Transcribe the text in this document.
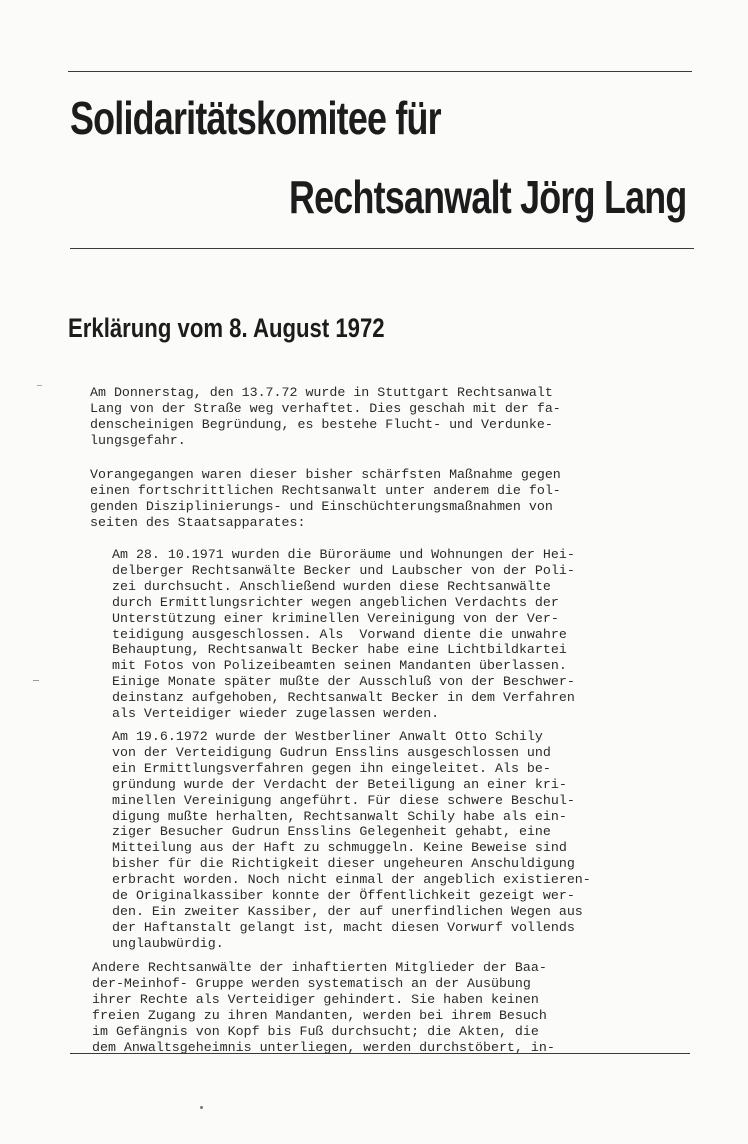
Solidaritätskomitee für
Rechtsanwalt Jörg Lang
Erklärung vom 8. August 1972
Am Donnerstag, den 13.7.72 wurde in Stuttgart Rechtsanwalt
Lang von der Straße weg verhaftet. Dies geschah mit der fa-
denscheinigen Begründung, es bestehe Flucht- und Verdunke-
lungsgefahr.
Vorangegangen waren dieser bisher schärfsten Maßnahme gegen
einen fortschrittlichen Rechtsanwalt unter anderem die fol-
genden Disziplinierungs- und Einschüchterungsmaßnahmen von
seiten des Staatsapparates:
Am 28. 10.1971 wurden die Büroräume und Wohnungen der Hei-
delberger Rechtsanwälte Becker und Laubscher von der Poli-
zei durchsucht. Anschließend wurden diese Rechtsanwälte
durch Ermittlungsrichter wegen angeblichen Verdachts der
Unterstützung einer kriminellen Vereinigung von der Ver-
teidigung ausgeschlossen. Als  Vorwand diente die unwahre
Behauptung, Rechtsanwalt Becker habe eine Lichtbildkartei
mit Fotos von Polizeibeamten seinen Mandanten überlassen.
Einige Monate später mußte der Ausschluß von der Beschwer-
deinstanz aufgehoben, Rechtsanwalt Becker in dem Verfahren
als Verteidiger wieder zugelassen werden.
Am 19.6.1972 wurde der Westberliner Anwalt Otto Schily
von der Verteidigung Gudrun Ensslins ausgeschlossen und
ein Ermittlungsverfahren gegen ihn eingeleitet. Als be-
gründung wurde der Verdacht der Beteiligung an einer kri-
minellen Vereinigung angeführt. Für diese schwere Beschul-
digung mußte herhalten, Rechtsanwalt Schily habe als ein-
ziger Besucher Gudrun Ensslins Gelegenheit gehabt, eine
Mitteilung aus der Haft zu schmuggeln. Keine Beweise sind
bisher für die Richtigkeit dieser ungeheuren Anschuldigung
erbracht worden. Noch nicht einmal der angeblich existieren-
de Originalkassiber konnte der Öffentlichkeit gezeigt wer-
den. Ein zweiter Kassiber, der auf unerfindlichen Wegen aus
der Haftanstalt gelangt ist, macht diesen Vorwurf vollends
unglaubwürdig.
Andere Rechtsanwälte der inhaftierten Mitglieder der Baa-
der-Meinhof- Gruppe werden systematisch an der Ausübung
ihrer Rechte als Verteidiger gehindert. Sie haben keinen
freien Zugang zu ihren Mandanten, werden bei ihrem Besuch
im Gefängnis von Kopf bis Fuß durchsucht; die Akten, die
dem Anwaltsgeheimnis unterliegen, werden durchstöbert, in-
